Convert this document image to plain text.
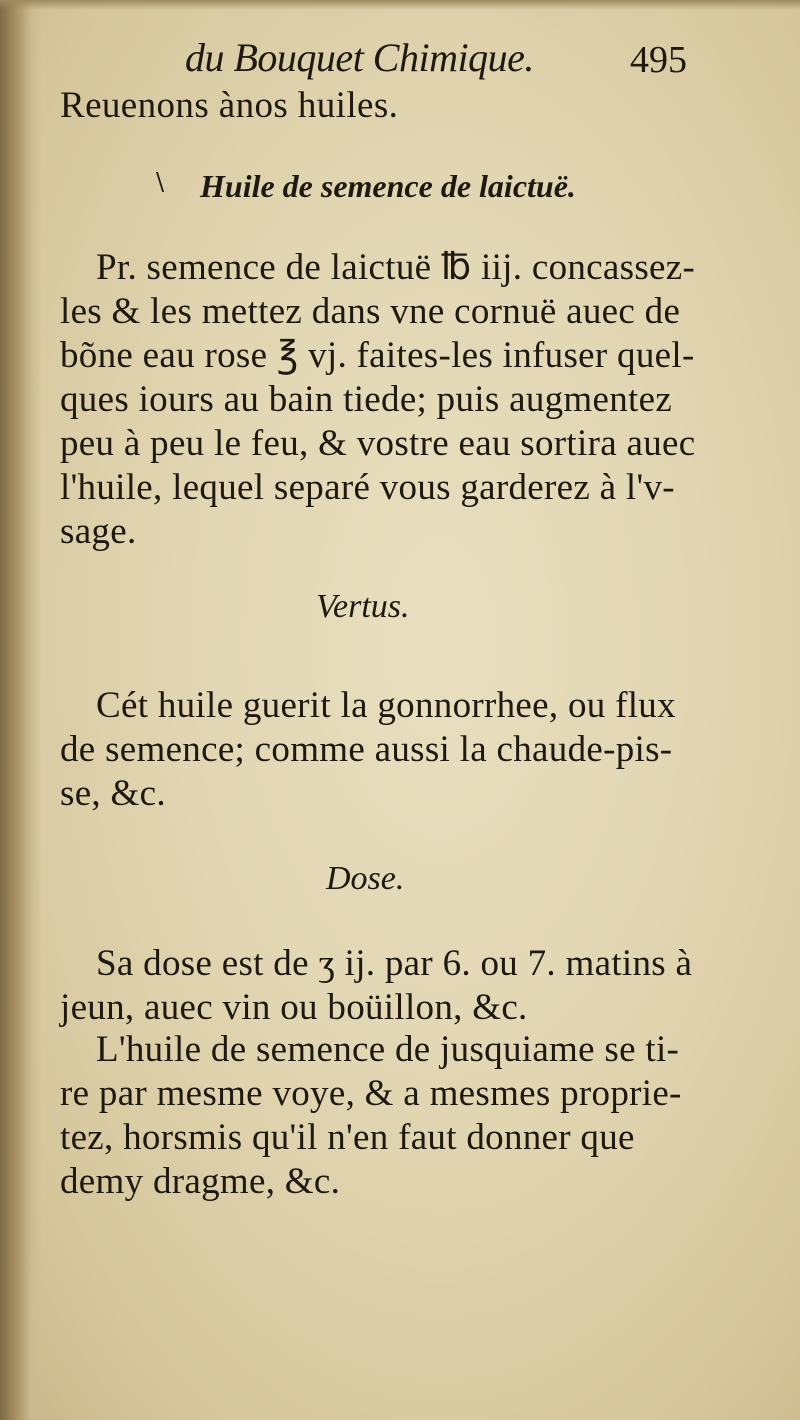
du Bouquet Chimique.	495
Reuenons ànos huiles.
\ Huile de semence de laictuë.
Pr. semence de laictuë ℔ iij. concassez-
les & les mettez dans vne cornuë auec de
bõne eau rose ℥ vj. faites-les infuser quel-
ques iours au bain tiede; puis augmentez
peu à peu le feu, & vostre eau sortira auec
l'huile, lequel separé vous garderez à l'v-
sage.
Vertus.
Cét huile guerit la gonnorrhee, ou flux
de semence; comme aussi la chaude-pis-
se, &c.
Dose.
Sa dose est de ʒ ij. par 6. ou 7. matins à
jeun, auec vin ou boüillon, &c.
L'huile de semence de jusquiame se ti-
re par mesme voye, & a mesmes proprie-
tez, horsmis qu'il n'en faut donner que
demy dragme, &c.
